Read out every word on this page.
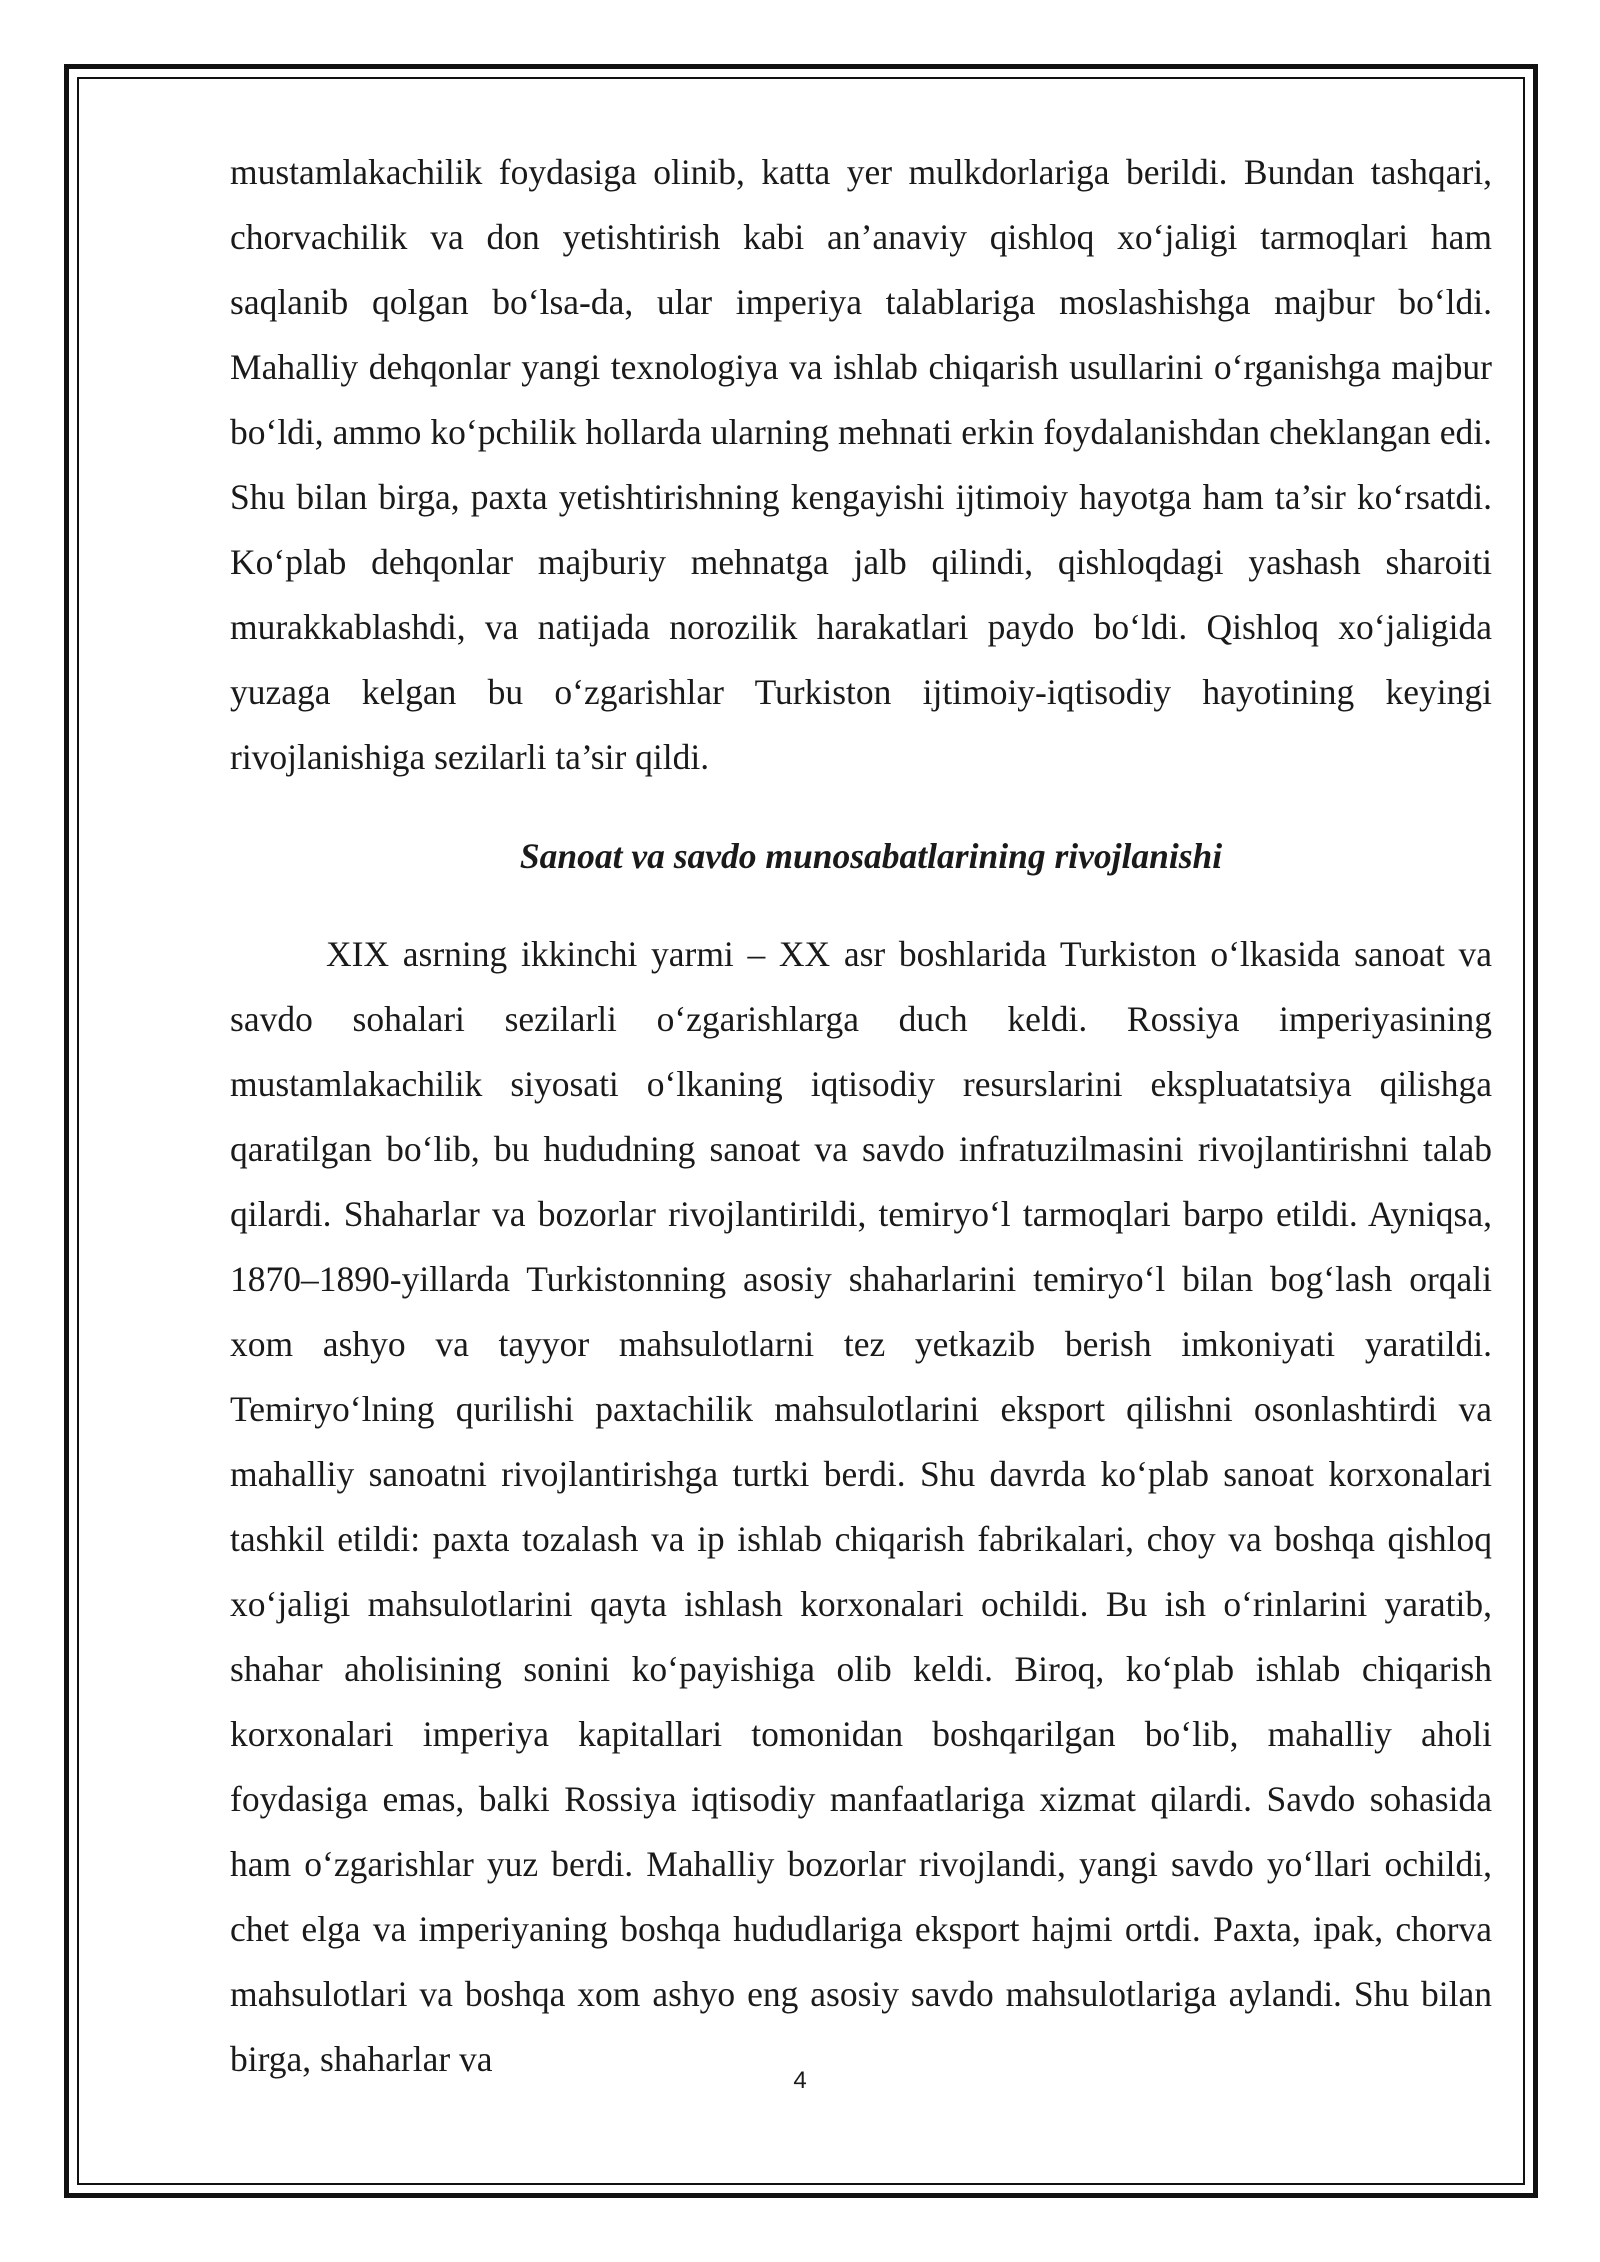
mustamlakachilik foydasiga olinib, katta yer mulkdorlariga berildi. Bundan tashqari, chorvachilik va don yetishtirish kabi an’anaviy qishloq xo‘jaligi tarmoqlari ham saqlanib qolgan bo‘lsa-da, ular imperiya talablariga moslashishga majbur bo‘ldi. Mahalliy dehqonlar yangi texnologiya va ishlab chiqarish usullarini o‘rganishga majbur bo‘ldi, ammo ko‘pchilik hollarda ularning mehnati erkin foydalanishdan cheklangan edi. Shu bilan birga, paxta yetishtirishning kengayishi ijtimoiy hayotga ham ta’sir ko‘rsatdi. Ko‘plab dehqonlar majburiy mehnatga jalb qilindi, qishloqdagi yashash sharoiti murakkablashdi, va natijada norozilik harakatlari paydo bo‘ldi. Qishloq xo‘jaligida yuzaga kelgan bu o‘zgarishlar Turkiston ijtimoiy-iqtisodiy hayotining keyingi rivojlanishiga sezilarli ta’sir qildi.

Sanoat va savdo munosabatlarining rivojlanishi

XIX asrning ikkinchi yarmi – XX asr boshlarida Turkiston o‘lkasida sanoat va savdo sohalari sezilarli o‘zgarishlarga duch keldi. Rossiya imperiyasining mustamlakachilik siyosati o‘lkaning iqtisodiy resurslarini ekspluatatsiya qilishga qaratilgan bo‘lib, bu hududning sanoat va savdo infratuzilmasini rivojlantirishni talab qilardi. Shaharlar va bozorlar rivojlantirildi, temiryo‘l tarmoqlari barpo etildi. Ayniqsa, 1870–1890-yillarda Turkistonning asosiy shaharlarini temiryo‘l bilan bog‘lash orqali xom ashyo va tayyor mahsulotlarni tez yetkazib berish imkoniyati yaratildi. Temiryo‘lning qurilishi paxtachilik mahsulotlarini eksport qilishni osonlashtirdi va mahalliy sanoatni rivojlantirishga turtki berdi. Shu davrda ko‘plab sanoat korxonalari tashkil etildi: paxta tozalash va ip ishlab chiqarish fabrikalari, choy va boshqa qishloq xo‘jaligi mahsulotlarini qayta ishlash korxonalari ochildi. Bu ish o‘rinlarini yaratib, shahar aholisining sonini ko‘payishiga olib keldi. Biroq, ko‘plab ishlab chiqarish korxonalari imperiya kapitallari tomonidan boshqarilgan bo‘lib, mahalliy aholi foydasiga emas, balki Rossiya iqtisodiy manfaatlariga xizmat qilardi. Savdo sohasida ham o‘zgarishlar yuz berdi. Mahalliy bozorlar rivojlandi, yangi savdo yo‘llari ochildi, chet elga va imperiyaning boshqa hududlariga eksport hajmi ortdi. Paxta, ipak, chorva mahsulotlari va boshqa xom ashyo eng asosiy savdo mahsulotlariga aylandi. Shu bilan birga, shaharlar va

4
